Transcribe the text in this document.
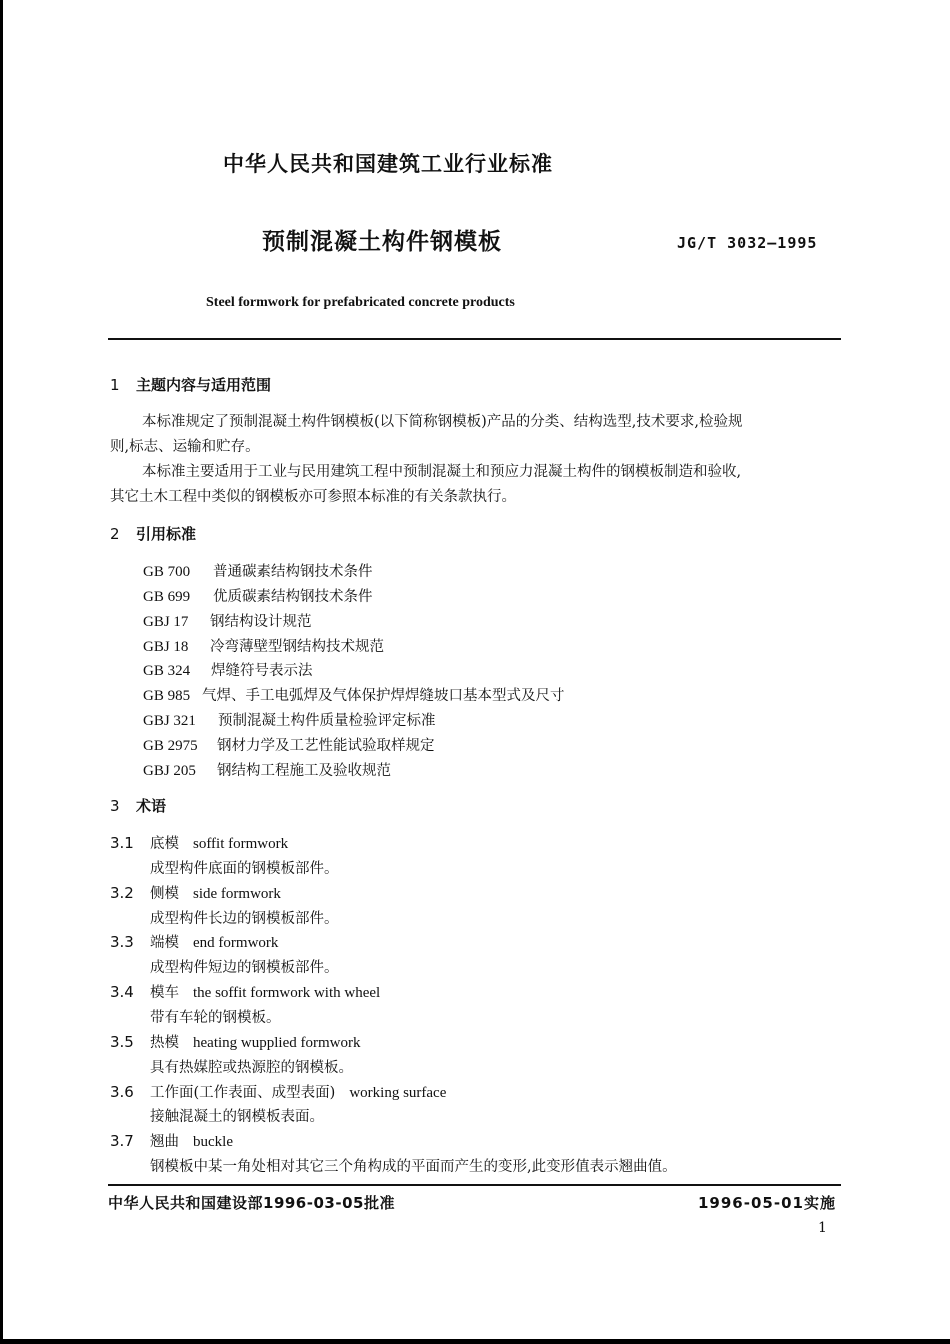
中华人民共和国建筑工业行业标准
预制混凝土构件钢模板	JG/T 3032—1995
Steel formwork for prefabricated concrete products
1 主题内容与适用范围
本标准规定了预制混凝土构件钢模板(以下简称钢模板)产品的分类、结构选型,技术要求,检验规
则,标志、运输和贮存。
本标准主要适用于工业与民用建筑工程中预制混凝土和预应力混凝土构件的钢模板制造和验收,
其它土木工程中类似的钢模板亦可参照本标准的有关条款执行。
2 引用标准
GB 700 普通碳素结构钢技术条件
GB 699 优质碳素结构钢技术条件
GBJ 17 钢结构设计规范
GBJ 18 冷弯薄壁型钢结构技术规范
GB 324 焊缝符号表示法
GB 985 气焊、手工电弧焊及气体保护焊焊缝坡口基本型式及尺寸
GBJ 321 预制混凝土构件质量检验评定标准
GB 2975 钢材力学及工艺性能试验取样规定
GBJ 205 钢结构工程施工及验收规范
3 术语
3.1 底模 soffit formwork
成型构件底面的钢模板部件。
3.2 侧模 side formwork
成型构件长边的钢模板部件。
3.3 端模 end formwork
成型构件短边的钢模板部件。
3.4 模车 the soffit formwork with wheel
带有车轮的钢模板。
3.5 热模 heating wupplied formwork
具有热媒腔或热源腔的钢模板。
3.6 工作面(工作表面、成型表面) working surface
接触混凝土的钢模板表面。
3.7 翘曲 buckle
钢模板中某一角处相对其它三个角构成的平面而产生的变形,此变形值表示翘曲值。
中华人民共和国建设部1996-03-05批准	1996-05-01实施
1
